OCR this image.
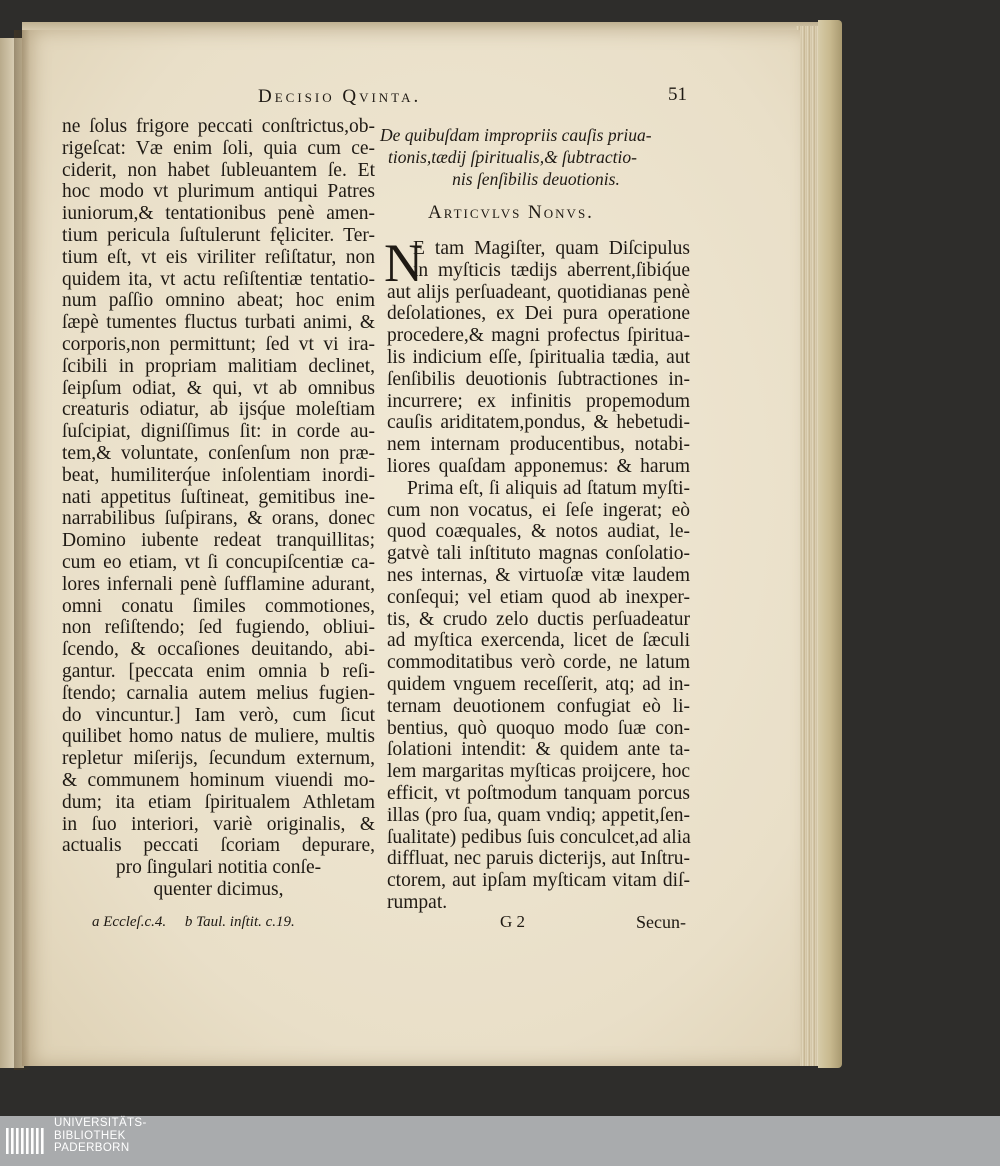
Decisio Qvinta.	51
ne ſolus frigore peccati conſtrictus,ob-
rigeſcat: Væ enim ſoli, quia cum ce-
ciderit, non habet ſubleuantem ſe. Et
hoc modo vt plurimum antiqui Patres
iuniorum,& tentationibus penè amen-
tium pericula ſuſtulerunt fęliciter. Ter-
tium eſt, vt eis viriliter reſiſtatur, non
quidem ita, vt actu reſiſtentiæ tentatio-
num paſſio omnino abeat; hoc enim
ſæpè tumentes fluctus turbati animi, &
corporis,non permittunt; ſed vt vi ira-
ſcibili in propriam malitiam declinet,
ſeipſum odiat, & qui, vt ab omnibus
creaturis odiatur, ab ijsq́ue moleſtiam
ſuſcipiat, digniſſimus ſit: in corde au-
tem,& voluntate, conſenſum non præ-
beat, humiliterq́ue inſolentiam inordi-
nati appetitus ſuſtineat, gemitibus ine-
narrabilibus ſuſpirans, & orans, donec
Domino iubente redeat tranquillitas;
cum eo etiam, vt ſi concupiſcentiæ ca-
lores infernali penè ſufflamine adurant,
omni conatu ſimiles commotiones,
non reſiſtendo; ſed fugiendo, obliui-
ſcendo, & occaſiones deuitando, abi-
gantur. [peccata enim omnia b reſi-
ſtendo; carnalia autem melius fugien-
do vincuntur.] Iam verò, cum ſicut
quilibet homo natus de muliere, multis
repletur miſerijs, ſecundum externum,
& communem hominum viuendi mo-
dum; ita etiam ſpiritualem Athletam
in ſuo interiori, variè originalis, &
actualis peccati ſcoriam depurare,
pro ſingulari notitia conſe-
quenter dicimus,
De quibuſdam impropriis cauſis priua-
tionis,tædij ſpiritualis,& ſubtractio-
nis ſenſibilis deuotionis.
Articvlvs Nonvs.
N
E tam Magiſter, quam Diſcipulus
in myſticis tædijs aberrent,ſibiq́ue
aut alijs perſuadeant, quotidianas penè
deſolationes, ex Dei pura operatione
procedere,& magni profectus ſpiritua-
lis indicium eſſe, ſpiritualia tædia, aut
ſenſibilis deuotionis ſubtractiones in-
incurrere; ex infinitis propemodum
cauſis ariditatem,pondus, & hebetudi-
nem internam producentibus, notabi-
liores quaſdam apponemus: & harum
Prima eſt, ſi aliquis ad ſtatum myſti-
cum non vocatus, ei ſeſe ingerat; eò
quod coæquales, & notos audiat, le-
gatvè tali inſtituto magnas conſolatio-
nes internas, & virtuoſæ vitæ laudem
conſequi; vel etiam quod ab inexper-
tis, & crudo zelo ductis perſuadeatur
ad myſtica exercenda, licet de ſæculi
commoditatibus verò corde, ne latum
quidem vnguem receſſerit, atq; ad in-
ternam deuotionem confugiat eò li-
bentius, quò quoquo modo ſuæ con-
ſolationi intendit: & quidem ante ta-
lem margaritas myſticas proijcere, hoc
efficit, vt poſtmodum tanquam porcus
illas (pro ſua, quam vndiq; appetit,ſen-
ſualitate) pedibus ſuis conculcet,ad alia
diffluat, nec paruis dicterijs, aut Inſtru-
ctorem, aut ipſam myſticam vitam diſ-
rumpat.
a Eccleſ.c.4. b Taul. inſtit. c.19.	G 2	Secun-
UNIVERSITÄTS-
BIBLIOTHEK
PADERBORN
